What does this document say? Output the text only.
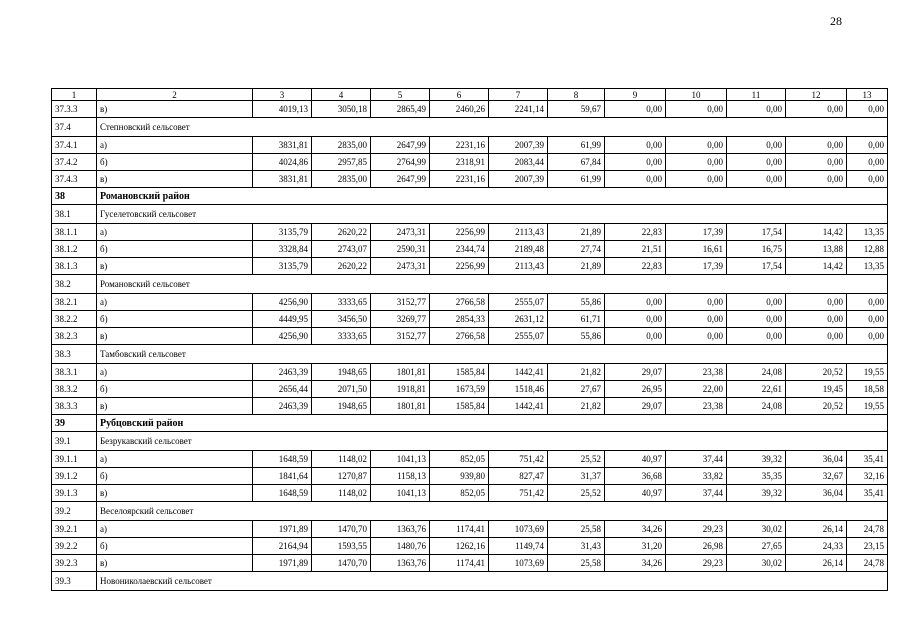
28
1	2	3	4	5	6	7	8	9	10	11	12	13
37.3.3	в)	4019,13	3050,18	2865,49	2460,26	2241,14	59,67	0,00	0,00	0,00	0,00	0,00
37.4	Степновский сельсовет											
37.4.1	а)	3831,81	2835,00	2647,99	2231,16	2007,39	61,99	0,00	0,00	0,00	0,00	0,00
37.4.2	б)	4024,86	2957,85	2764,99	2318,91	2083,44	67,84	0,00	0,00	0,00	0,00	0,00
37.4.3	в)	3831,81	2835,00	2647,99	2231,16	2007,39	61,99	0,00	0,00	0,00	0,00	0,00
38	Романовский район											
38.1	Гуселетовский сельсовет											
38.1.1	а)	3135,79	2620,22	2473,31	2256,99	2113,43	21,89	22,83	17,39	17,54	14,42	13,35
38.1.2	б)	3328,84	2743,07	2590,31	2344,74	2189,48	27,74	21,51	16,61	16,75	13,88	12,88
38.1.3	в)	3135,79	2620,22	2473,31	2256,99	2113,43	21,89	22,83	17,39	17,54	14,42	13,35
38.2	Романовский сельсовет											
38.2.1	а)	4256,90	3333,65	3152,77	2766,58	2555,07	55,86	0,00	0,00	0,00	0,00	0,00
38.2.2	б)	4449,95	3456,50	3269,77	2854,33	2631,12	61,71	0,00	0,00	0,00	0,00	0,00
38.2.3	в)	4256,90	3333,65	3152,77	2766,58	2555,07	55,86	0,00	0,00	0,00	0,00	0,00
38.3	Тамбовский сельсовет											
38.3.1	а)	2463,39	1948,65	1801,81	1585,84	1442,41	21,82	29,07	23,38	24,08	20,52	19,55
38.3.2	б)	2656,44	2071,50	1918,81	1673,59	1518,46	27,67	26,95	22,00	22,61	19,45	18,58
38.3.3	в)	2463,39	1948,65	1801,81	1585,84	1442,41	21,82	29,07	23,38	24,08	20,52	19,55
39	Рубцовский район											
39.1	Безрукавский сельсовет											
39.1.1	а)	1648,59	1148,02	1041,13	852,05	751,42	25,52	40,97	37,44	39,32	36,04	35,41
39.1.2	б)	1841,64	1270,87	1158,13	939,80	827,47	31,37	36,68	33,82	35,35	32,67	32,16
39.1.3	в)	1648,59	1148,02	1041,13	852,05	751,42	25,52	40,97	37,44	39,32	36,04	35,41
39.2	Веселоярский сельсовет											
39.2.1	а)	1971,89	1470,70	1363,76	1174,41	1073,69	25,58	34,26	29,23	30,02	26,14	24,78
39.2.2	б)	2164,94	1593,55	1480,76	1262,16	1149,74	31,43	31,20	26,98	27,65	24,33	23,15
39.2.3	в)	1971,89	1470,70	1363,76	1174,41	1073,69	25,58	34,26	29,23	30,02	26,14	24,78
39.3	Новониколаевский сельсовет											
